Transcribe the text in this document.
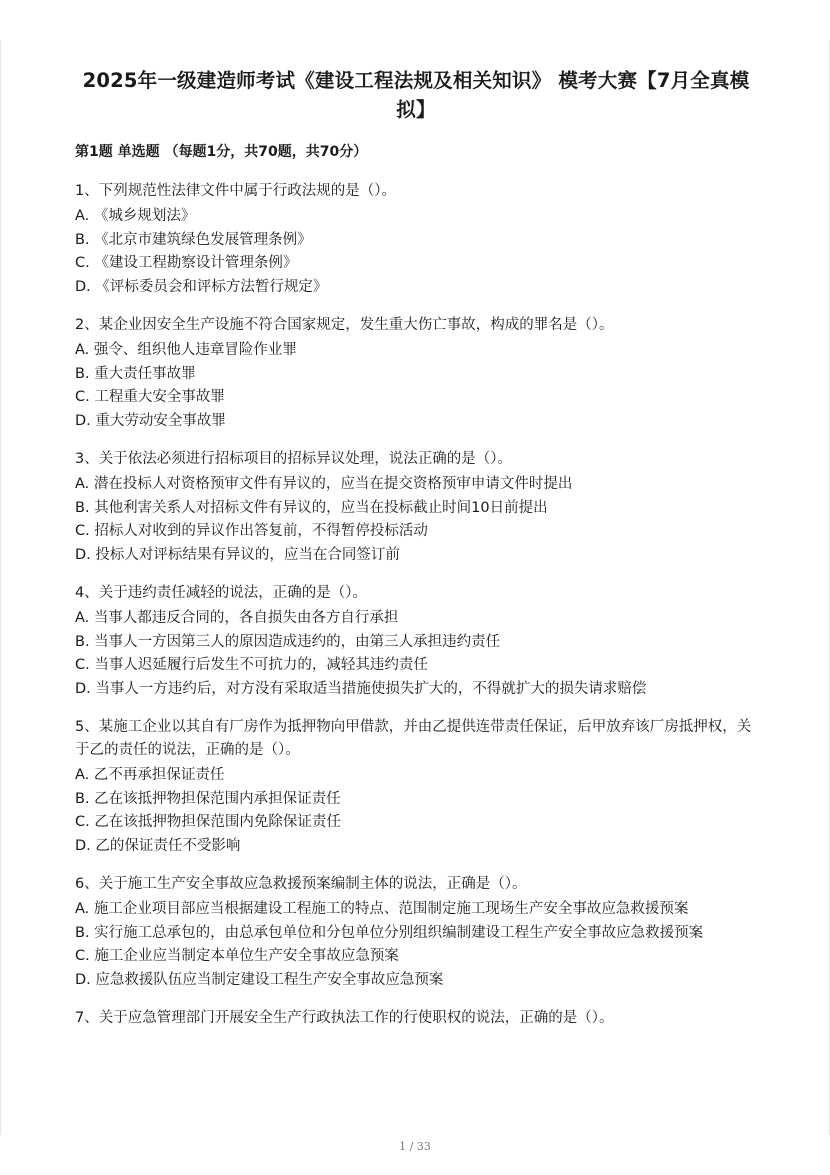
2025年一级建造师考试《建设工程法规及相关知识》 模考大赛【7月全真模拟】
第1题 单选题 （每题1分，共70题，共70分）
1、下列规范性法律文件中属于行政法规的是（）。
A. 《城乡规划法》
B. 《北京市建筑绿色发展管理条例》
C. 《建设工程勘察设计管理条例》
D. 《评标委员会和评标方法暂行规定》
2、某企业因安全生产设施不符合国家规定，发生重大伤亡事故，构成的罪名是（）。
A. 强令、组织他人违章冒险作业罪
B. 重大责任事故罪
C. 工程重大安全事故罪
D. 重大劳动安全事故罪
3、关于依法必须进行招标项目的招标异议处理，说法正确的是（）。
A. 潜在投标人对资格预审文件有异议的，应当在提交资格预审申请文件时提出
B. 其他利害关系人对招标文件有异议的，应当在投标截止时间10日前提出
C. 招标人对收到的异议作出答复前，不得暂停投标活动
D. 投标人对评标结果有异议的，应当在合同签订前
4、关于违约责任减轻的说法，正确的是（）。
A. 当事人都违反合同的，各自损失由各方自行承担
B. 当事人一方因第三人的原因造成违约的，由第三人承担违约责任
C. 当事人迟延履行后发生不可抗力的，减轻其违约责任
D. 当事人一方违约后，对方没有采取适当措施使损失扩大的，不得就扩大的损失请求赔偿
5、某施工企业以其自有厂房作为抵押物向甲借款，并由乙提供连带责任保证，后甲放弃该厂房抵押权，关于乙的责任的说法，正确的是（）。
A. 乙不再承担保证责任
B. 乙在该抵押物担保范围内承担保证责任
C. 乙在该抵押物担保范围内免除保证责任
D. 乙的保证责任不受影响
6、关于施工生产安全事故应急救援预案编制主体的说法，正确是（）。
A. 施工企业项目部应当根据建设工程施工的特点、范围制定施工现场生产安全事故应急救援预案
B. 实行施工总承包的，由总承包单位和分包单位分别组织编制建设工程生产安全事故应急救援预案
C. 施工企业应当制定本单位生产安全事故应急预案
D. 应急救援队伍应当制定建设工程生产安全事故应急预案
7、关于应急管理部门开展安全生产行政执法工作的行使职权的说法，正确的是（）。
1 / 33
